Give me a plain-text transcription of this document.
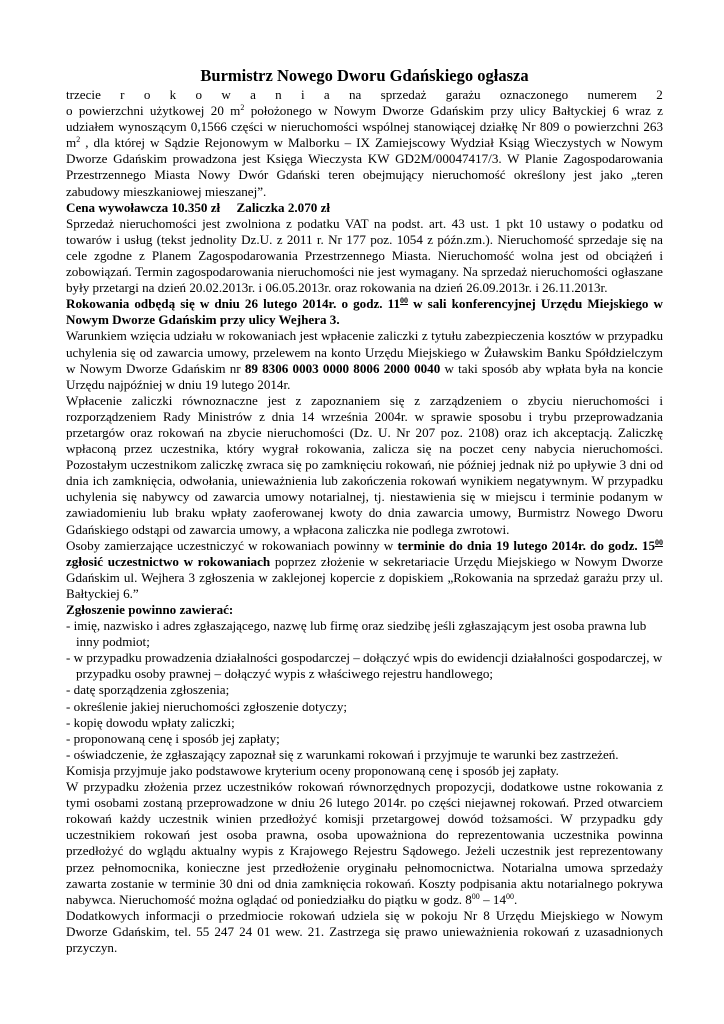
Burmistrz Nowego Dworu Gdańskiego ogłasza
trzecie r o k o w a n i a na sprzedaż garażu oznaczonego numerem 2

o powierzchni użytkowej 20 $m^2$ położonego w Nowym Dworze Gdańskim przy ulicy Bałtyckiej 6 wraz z udziałem wynoszącym 0,1566 części w nieruchomości wspólnej stanowiącej działkę Nr 809 o powierzchni 263 $m^2$ , dla której w Sądzie Rejonowym w Malborku – IX Zamiejscowy Wydział Ksiąg Wieczystych w Nowym Dworze Gdańskim prowadzona jest Księga Wieczysta KW GD2M/00047417/3. W Planie Zagospodarowania Przestrzennego Miasta Nowy Dwór Gdański teren obejmujący nieruchomość określony jest jako „teren zabudowy mieszkaniowej mieszanej”.

Cena wywoławcza 10.350 zł     Zaliczka 2.070 zł

Sprzedaż nieruchomości jest zwolniona z podatku VAT na podst. art. 43 ust. 1 pkt 10 ustawy o podatku od towarów i usług (tekst jednolity Dz.U. z 2011 r. Nr 177 poz. 1054 z późn.zm.). Nieruchomość sprzedaje się na cele zgodne z Planem Zagospodarowania Przestrzennego Miasta. Nieruchomość wolna jest od obciążeń i zobowiązań. Termin zagospodarowania nieruchomości nie jest wymagany. Na sprzedaż nieruchomości ogłaszane były przetargi na dzień 20.02.2013r. i 06.05.2013r. oraz rokowania na dzień 26.09.2013r. i 26.11.2013r.

Rokowania odbędą się w dniu 26 lutego 2014r. o godz. $11^{00}$ w sali konferencyjnej Urzędu Miejskiego w Nowym Dworze Gdańskim przy ulicy Wejhera 3.

Warunkiem wzięcia udziału w rokowaniach jest wpłacenie zaliczki z tytułu zabezpieczenia kosztów w przypadku uchylenia się od zawarcia umowy, przelewem na konto Urzędu Miejskiego w Żuławskim Banku Spółdzielczym w Nowym Dworze Gdańskim nr 89 8306 0003 0000 8006 2000 0040 w taki sposób aby wpłata była na koncie Urzędu najpóźniej w dniu 19 lutego 2014r.

Wpłacenie zaliczki równoznaczne jest z zapoznaniem się z zarządzeniem o zbyciu nieruchomości i rozporządzeniem Rady Ministrów z dnia 14 września 2004r. w sprawie sposobu i trybu przeprowadzania przetargów oraz rokowań na zbycie nieruchomości (Dz. U. Nr 207 poz. 2108) oraz ich akceptacją. Zaliczkę wpłaconą przez uczestnika, który wygrał rokowania, zalicza się na poczet ceny nabycia nieruchomości. Pozostałym uczestnikom zaliczkę zwraca się po zamknięciu rokowań, nie później jednak niż po upływie 3 dni od dnia ich zamknięcia, odwołania, unieważnienia lub zakończenia rokowań wynikiem negatywnym. W przypadku uchylenia się nabywcy od zawarcia umowy notarialnej, tj. niestawienia się w miejscu i terminie podanym w zawiadomieniu lub braku wpłaty zaoferowanej kwoty do dnia zawarcia umowy, Burmistrz Nowego Dworu Gdańskiego odstąpi od zawarcia umowy, a wpłacona zaliczka nie podlega zwrotowi.

Osoby zamierzające uczestniczyć w rokowaniach powinny w terminie do dnia 19 lutego 2014r. do godz. $15^{00}$ zgłosić uczestnictwo w rokowaniach poprzez złożenie w sekretariacie Urzędu Miejskiego w Nowym Dworze Gdańskim ul. Wejhera 3 zgłoszenia w zaklejonej kopercie z dopiskiem „Rokowania na sprzedaż garażu przy ul. Bałtyckiej 6.”

Zgłoszenie powinno zawierać:

- imię, nazwisko i adres zgłaszającego, nazwę lub firmę oraz siedzibę jeśli zgłaszającym jest osoba prawna lub inny podmiot;
- w przypadku prowadzenia działalności gospodarczej – dołączyć wpis do ewidencji działalności gospodarczej, w przypadku osoby prawnej – dołączyć wypis z właściwego rejestru handlowego;
- datę sporządzenia zgłoszenia;
- określenie jakiej nieruchomości zgłoszenie dotyczy;
- kopię dowodu wpłaty zaliczki;
- proponowaną cenę i sposób jej zapłaty;
- oświadczenie, że zgłaszający zapoznał się z warunkami rokowań i przyjmuje te warunki bez zastrzeżeń.

Komisja przyjmuje jako podstawowe kryterium oceny proponowaną cenę i sposób jej zapłaty.

W przypadku złożenia przez uczestników rokowań równorzędnych propozycji, dodatkowe ustne rokowania z tymi osobami zostaną przeprowadzone w dniu 26 lutego 2014r. po części niejawnej rokowań. Przed otwarciem rokowań każdy uczestnik winien przedłożyć komisji przetargowej dowód tożsamości. W przypadku gdy uczestnikiem rokowań jest osoba prawna, osoba upoważniona do reprezentowania uczestnika powinna przedłożyć do wglądu aktualny wypis z Krajowego Rejestru Sądowego. Jeżeli uczestnik jest reprezentowany przez pełnomocnika, konieczne jest przedłożenie oryginału pełnomocnictwa. Notarialna umowa sprzedaży zawarta zostanie w terminie 30 dni od dnia zamknięcia rokowań. Koszty podpisania aktu notarialnego pokrywa nabywca. Nieruchomość można oglądać od poniedziałku do piątku w godz. $8^{00} - 14^{00}$.

Dodatkowych informacji o przedmiocie rokowań udziela się w pokoju Nr 8 Urzędu Miejskiego w Nowym Dworze Gdańskim, tel. 55 247 24 01 wew. 21. Zastrzega się prawo unieważnienia rokowań z uzasadnionych przyczyn.
